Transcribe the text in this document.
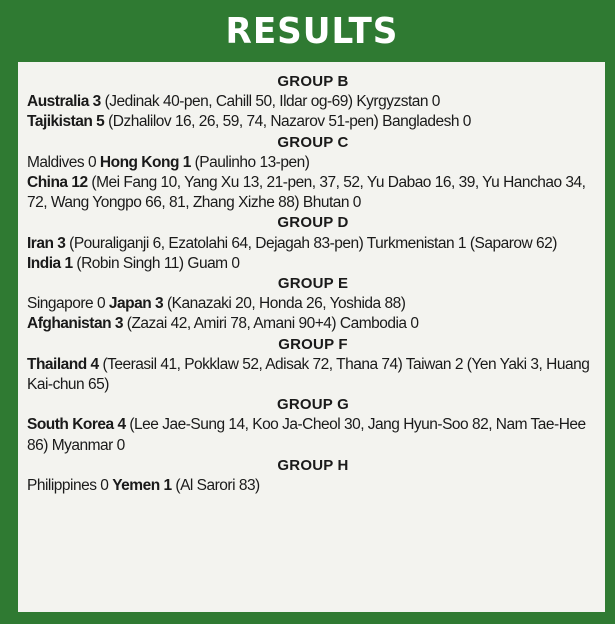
RESULTS
GROUP B
Australia 3 (Jedinak 40-pen, Cahill 50, Ildar og-69) Kyrgyzstan 0
Tajikistan 5 (Dzhalilov 16, 26, 59, 74, Nazarov 51-pen) Bangladesh 0
GROUP C
Maldives 0 Hong Kong 1 (Paulinho 13-pen)
China 12 (Mei Fang 10, Yang Xu 13, 21-pen, 37, 52, Yu Dabao 16, 39, Yu Hanchao 34, 72, Wang Yongpo 66, 81, Zhang Xizhe 88) Bhutan 0
GROUP D
Iran 3 (Pouraliganji 6, Ezatolahi 64, Dejagah 83-pen) Turkmenistan 1 (Saparow 62)
India 1 (Robin Singh 11) Guam 0
GROUP E
Singapore 0 Japan 3 (Kanazaki 20, Honda 26, Yoshida 88)
Afghanistan 3 (Zazai 42, Amiri 78, Amani 90+4) Cambodia 0
GROUP F
Thailand 4 (Teerasil 41, Pokklaw 52, Adisak 72, Thana 74) Taiwan 2 (Yen Yaki 3, Huang Kai-chun 65)
GROUP G
South Korea 4 (Lee Jae-Sung 14, Koo Ja-Cheol 30, Jang Hyun-Soo 82, Nam Tae-Hee 86) Myanmar 0
GROUP H
Philippines 0 Yemen 1 (Al Sarori 83)
